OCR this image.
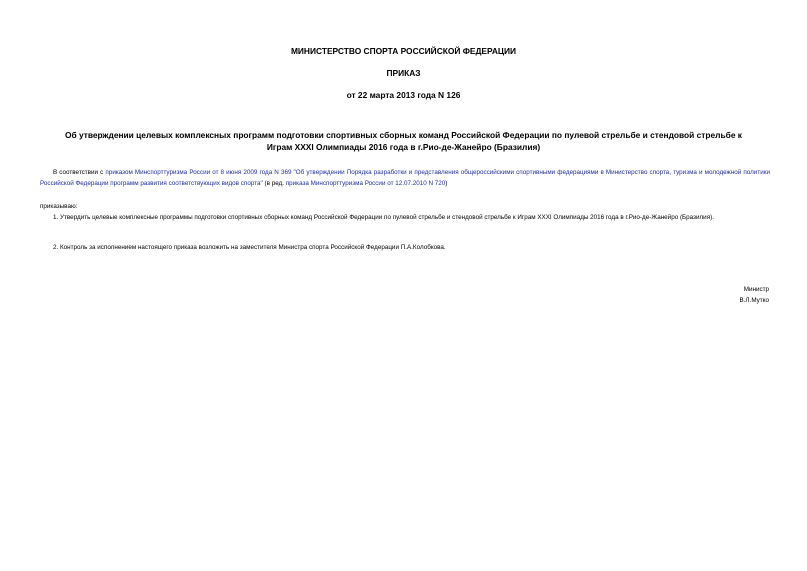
МИНИСТЕРСТВО СПОРТА РОССИЙСКОЙ ФЕДЕРАЦИИ
ПРИКАЗ
от 22 марта 2013 года N 126
Об утверждении целевых комплексных программ подготовки спортивных сборных команд Российской Федерации по пулевой стрельбе и стендовой стрельбе к
Играм XXXI Олимпиады 2016 года в г.Рио-де-Жанейро (Бразилия)
В соответствии с приказом Минспорттуризма России от 8 июня 2009 года N 369 "Об утверждении Порядка разработки и представления общероссийскими спортивными федерациями в Министерство спорта, туризма и молодежной политики Российской Федерации программ развития соответствующих видов спорта" (в ред. приказа Минспорттуризма России от 12.07.2010 N 720)
приказываю:
1. Утвердить целевые комплексные программы подготовки спортивных сборных команд Российской Федерации по пулевой стрельбе и стендовой стрельбе к Играм XXXI Олимпиады 2016 года в г.Рио-де-Жанейро (Бразилия).
2. Контроль за исполнением настоящего приказа возложить на заместителя Министра спорта Российской Федерации П.А.Колобкова.
Министр
В.Л.Мутко
